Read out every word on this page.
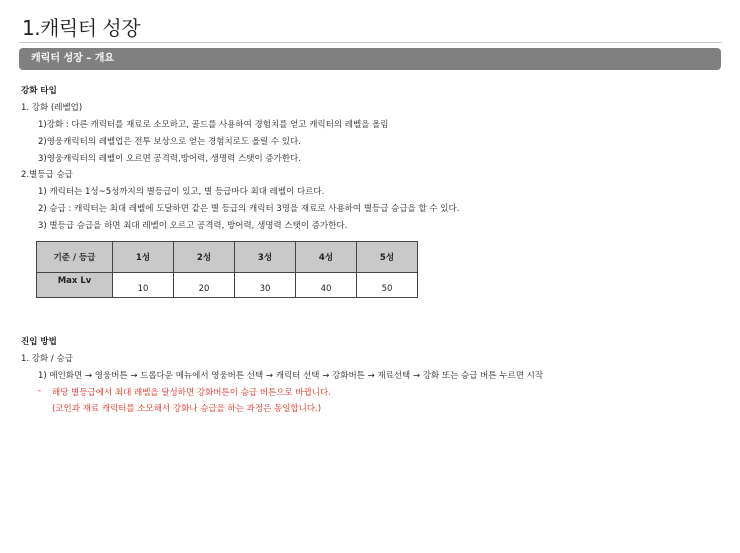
1.캐릭터 성장
캐릭터 성장 – 개요
강화 타입
1. 강화 (레벨업)
1)강화 : 다른 캐릭터를 재료로 소모하고, 골드를 사용하여 경험치를 얻고 캐릭터의 레벨을 올림
2)영웅캐릭터의 레벨업은 전투 보상으로 얻는 경험치로도 올릴 수 있다.
3)영웅캐릭터의 레벨이 오르면 공격력,방어력, 생명력 스탯이 증가한다.
2.별등급 승급
1) 캐릭터는 1성~5성까지의 별등급이 있고, 별 등급마다 최대 레벨이 다르다.
2) 승급 : 캐릭터는 최대 레벨에 도달하면 같은 별 등급의 캐릭터 3명을 재료로 사용하여 별등급 승급을 할 수 있다.
3) 별등급 승급을 하면 최대 레벨이 오르고 공격력, 방어력, 생명력 스탯이 증가한다.
기준 / 등급	1성	2성	3성	4성	5성
Max Lv	10	20	30	40	50
진입 방법
1. 강화 / 승급
1) 메인화면 → 영웅버튼 → 드롭다운 메뉴에서 영웅버튼 선택 → 캐릭터 선택 → 강화버튼 → 재료선택 → 강화 또는 승급 버튼 누르면 시작
- 해당 별등급에서 최대 레벨을 달성하면 강화버튼이 승급 버튼으로 바뀝니다.
(코인과 재료 캐릭터를 소모해서 강화나 승급을 하는 과정은 동일합니다.)
